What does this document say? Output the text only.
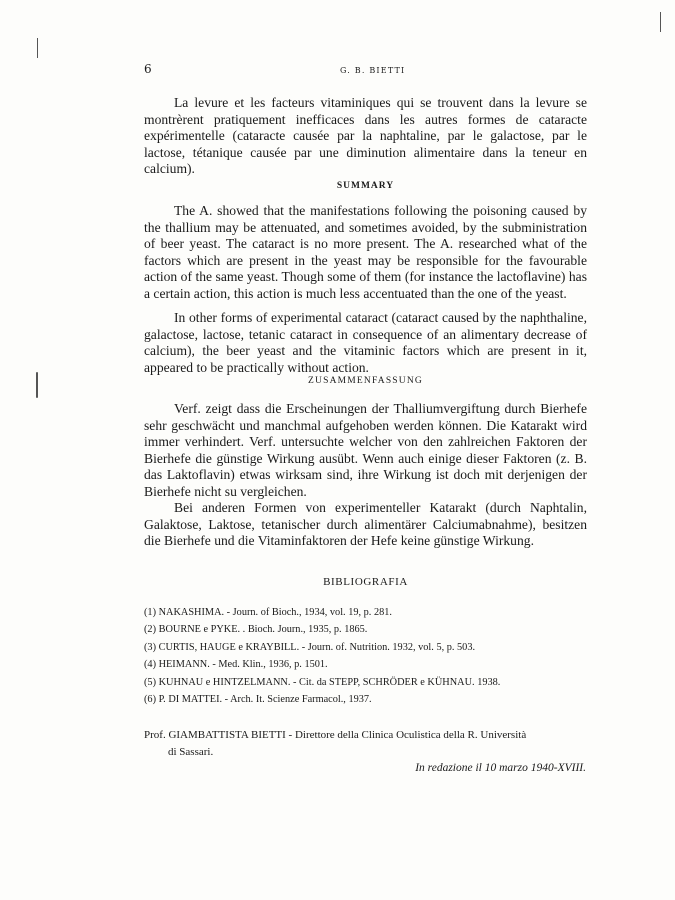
6	G. B. BIETTI

La levure et les facteurs vitaminiques qui se trouvent dans la levure se montrèrent pratiquement inefficaces dans les autres formes de cataracte expérimentelle (cataracte causée par la naphtaline, par le galactose, par le lactose, tétanique causée par une diminution alimentaire dans la teneur en calcium).

SUMMARY

The A. showed that the manifestations following the poisoning caused by the thallium may be attenuated, and sometimes avoided, by the subministration of beer yeast. The cataract is no more present. The A. researched what of the factors which are present in the yeast may be responsible for the favourable action of the same yeast. Though some of them (for instance the lactoflavine) has a certain action, this action is much less accentuated than the one of the yeast.

In other forms of experimental cataract (cataract caused by the naphthaline, galactose, lactose, tetanic cataract in consequence of an alimentary decrease of calcium), the beer yeast and the vitaminic factors which are present in it, appeared to be practically without action.

ZUSAMMENFASSUNG

Verf. zeigt dass die Erscheinungen der Thalliumvergiftung durch Bierhefe sehr geschwächt und manchmal aufgehoben werden können. Die Katarakt wird immer verhindert. Verf. untersuchte welcher von den zahlreichen Faktoren der Bierhefe die günstige Wirkung ausübt. Wenn auch einige dieser Faktoren (z. B. das Laktoflavin) etwas wirksam sind, ihre Wirkung ist doch mit derjenigen der Bierhefe nicht su vergleichen.

Bei anderen Formen von experimenteller Katarakt (durch Naphtalin, Galaktose, Laktose, tetanischer durch alimentärer Calciumabnahme), besitzen die Bierhefe und die Vitaminfaktoren der Hefe keine günstige Wirkung.

BIBLIOGRAFIA
(1) NAKASHIMA. - Journ. of Bioch., 1934, vol. 19, p. 281.
(2) BOURNE e PYKE. . Bioch. Journ., 1935, p. 1865.
(3) CURTIS, HAUGE e KRAYBILL. - Journ. of. Nutrition. 1932, vol. 5, p. 503.
(4) HEIMANN. - Med. Klin., 1936, p. 1501.
(5) KUHNAU e HINTZELMANN. - Cit. da STEPP, SCHRÖDER e KÜHNAU. 1938.
(6) P. DI MATTEI. - Arch. It. Scienze Farmacol., 1937.

Prof. GIAMBATTISTA BIETTI - Direttore della Clinica Oculistica della R. Università
di Sassari.

In redazione il 10 marzo 1940-XVIII.
